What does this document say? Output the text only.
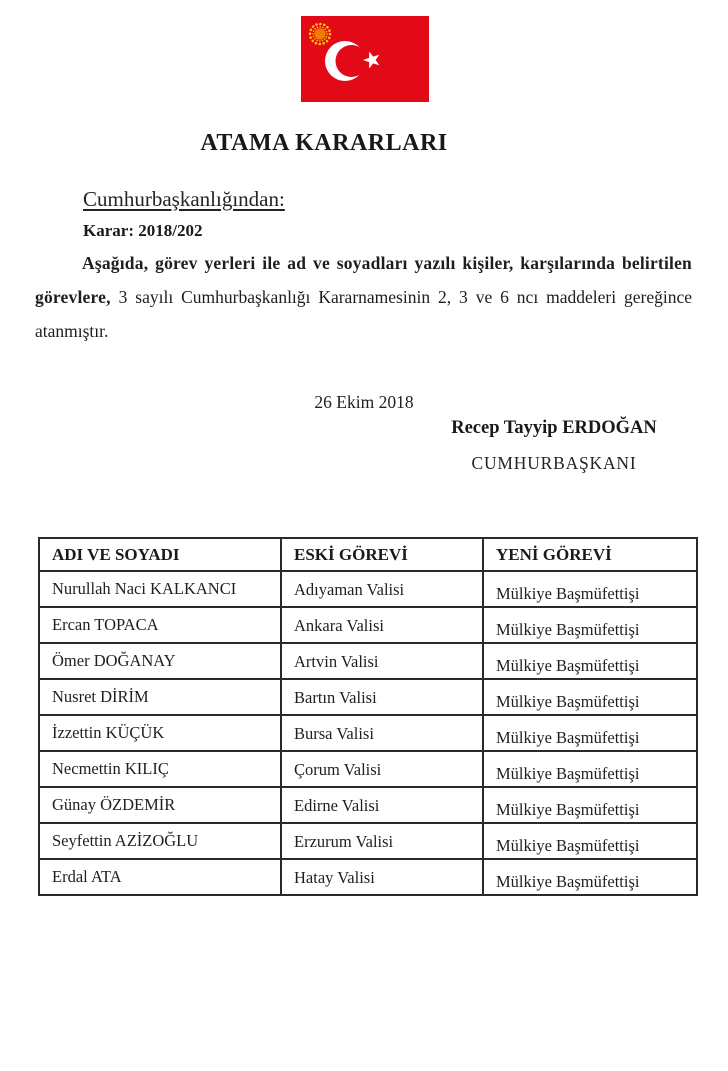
ATAMA KARARLARI
Cumhurbaşkanlığından:
Karar: 2018/202

Aşağıda, görev yerleri ile ad ve soyadları yazılı kişiler, karşılarında belirtilen görevlere, 3 sayılı Cumhurbaşkanlığı Kararnamesinin 2, 3 ve 6 ncı maddeleri gereğince atanmıştır.

26 Ekim 2018
Recep Tayyip ERDOĞAN
CUMHURBAŞKANI
ADI VE SOYADI	ESKİ GÖREVİ	YENİ GÖREVİ
Nurullah Naci KALKANCI	Adıyaman Valisi	Mülkiye Başmüfettişi
Ercan TOPACA	Ankara Valisi	Mülkiye Başmüfettişi
Ömer DOĞANAY	Artvin Valisi	Mülkiye Başmüfettişi
Nusret DİRİM	Bartın Valisi	Mülkiye Başmüfettişi
İzzettin KÜÇÜK	Bursa Valisi	Mülkiye Başmüfettişi
Necmettin KILIÇ	Çorum Valisi	Mülkiye Başmüfettişi
Günay ÖZDEMİR	Edirne Valisi	Mülkiye Başmüfettişi
Seyfettin AZİZOĞLU	Erzurum Valisi	Mülkiye Başmüfettişi
Erdal ATA	Hatay Valisi	Mülkiye Başmüfettişi
